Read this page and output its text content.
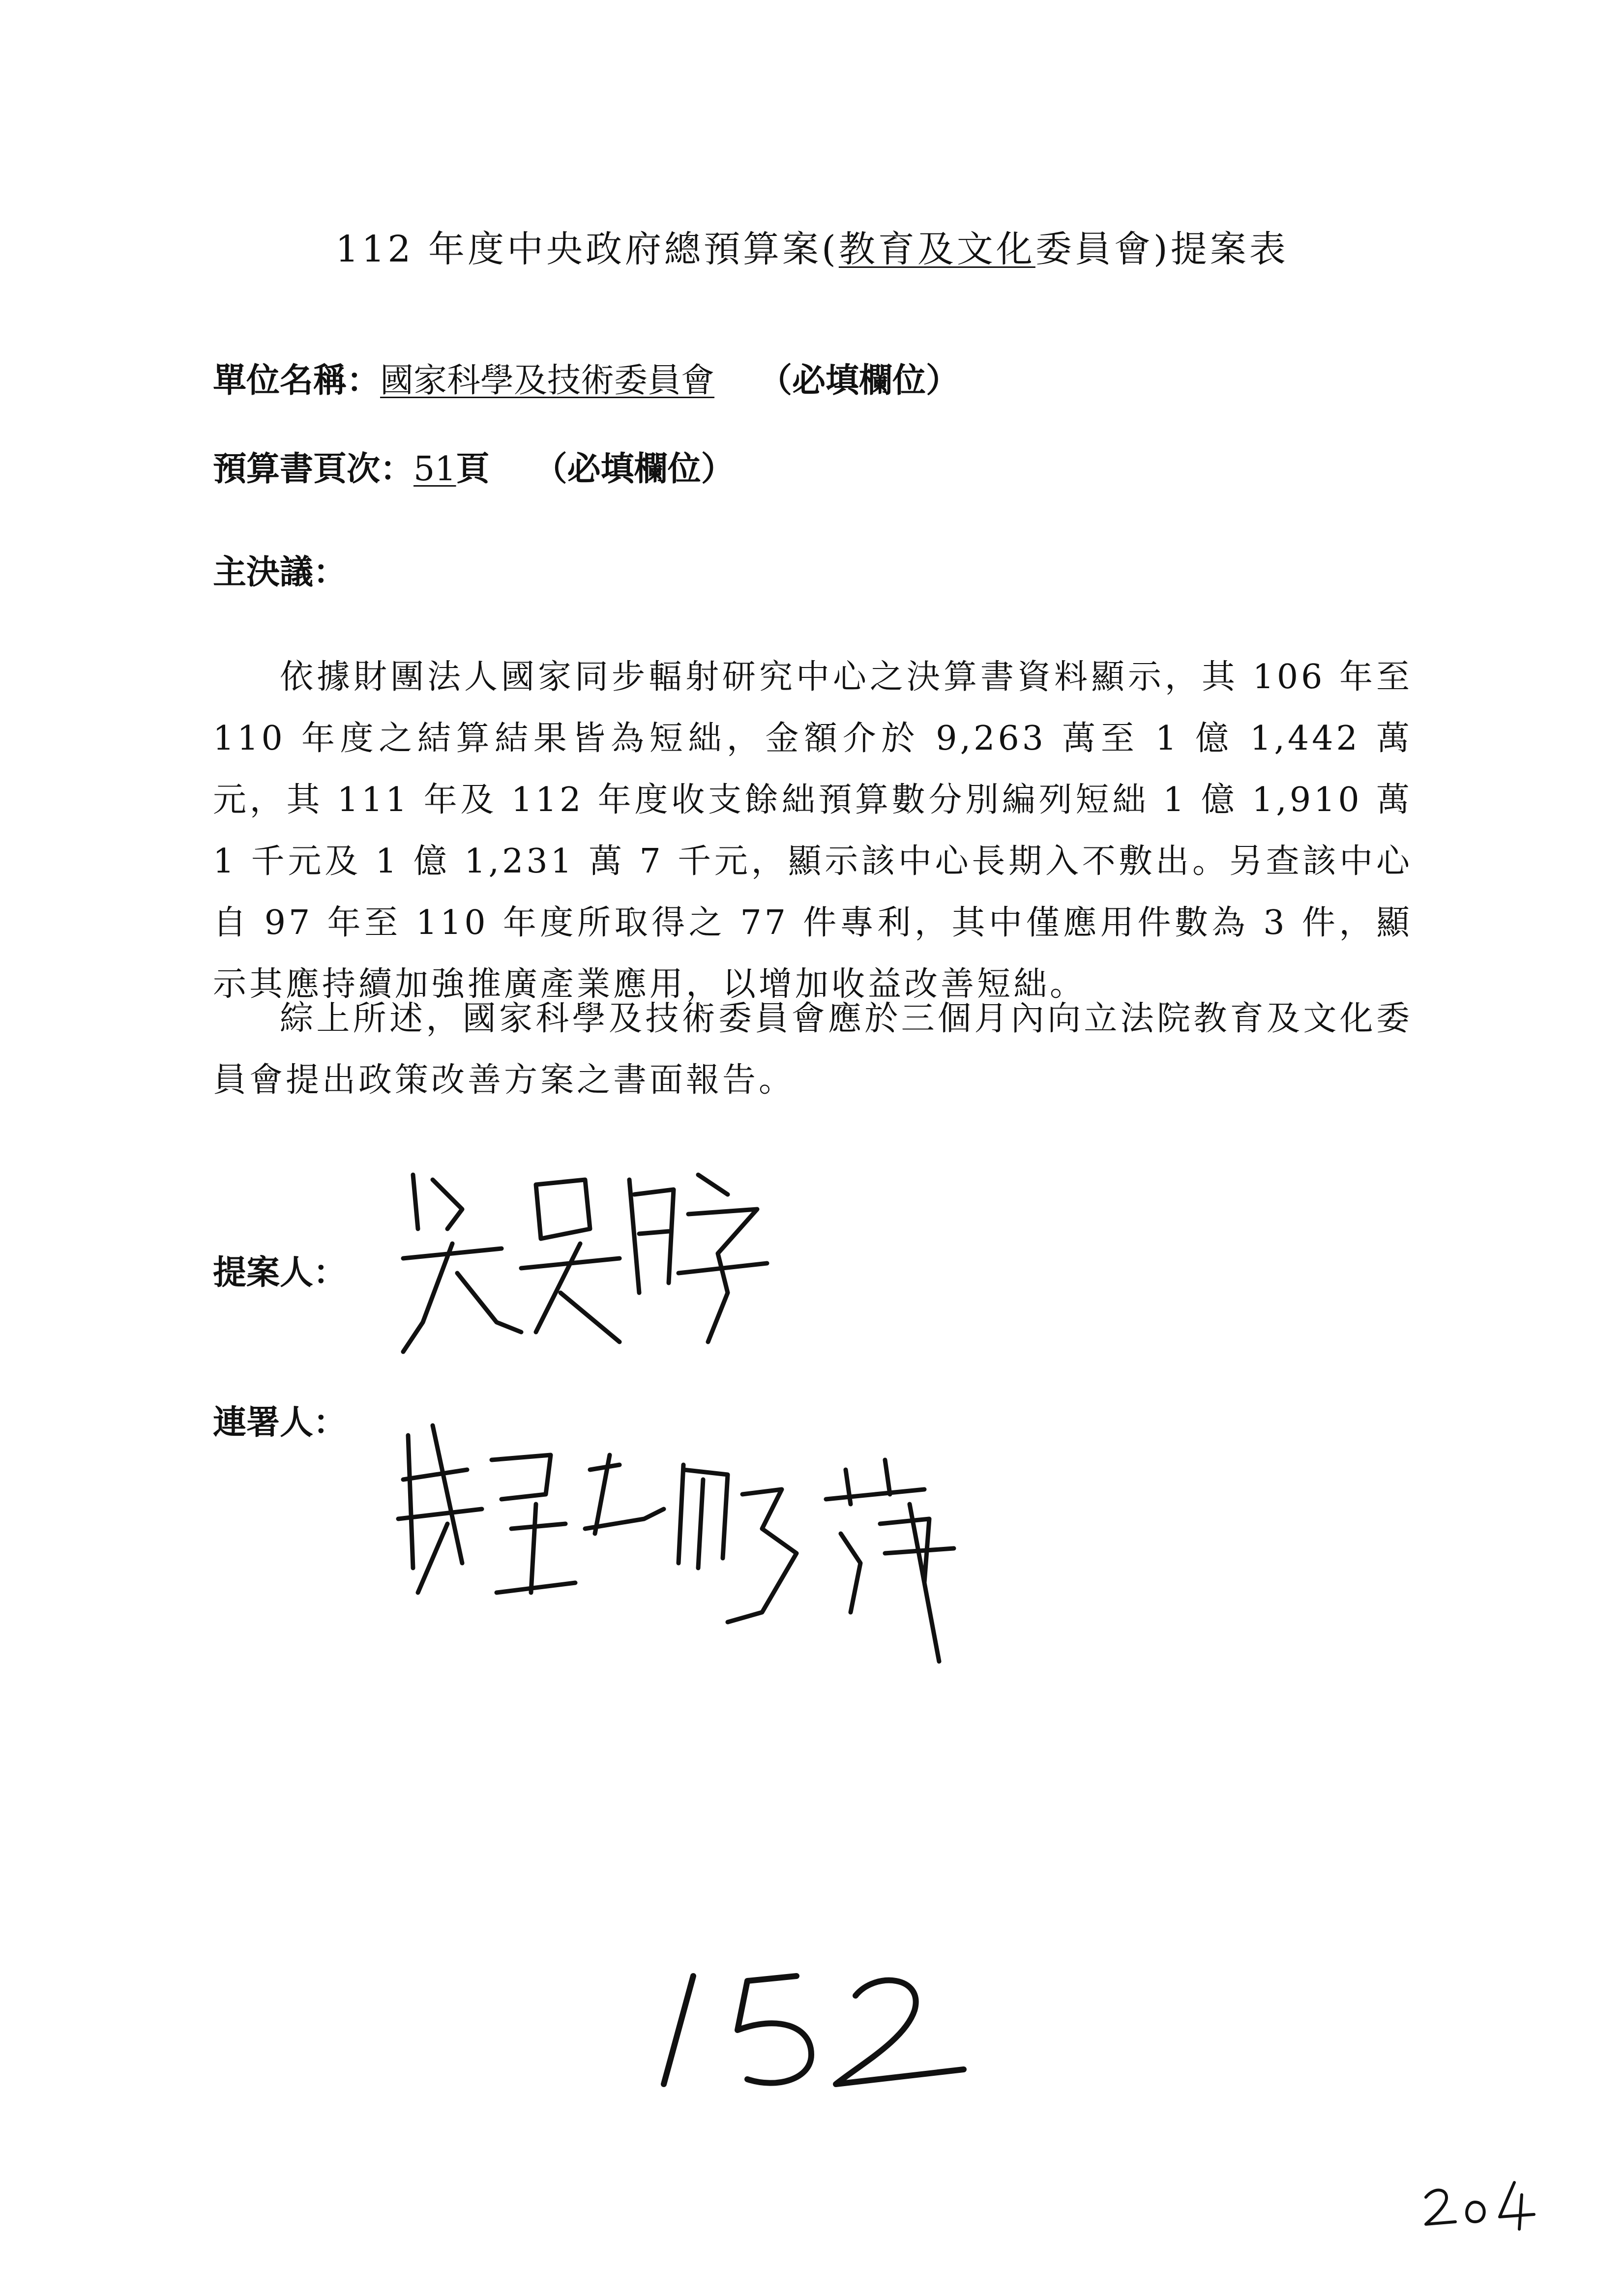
112 年度中央政府總預算案(教育及文化委員會)提案表
單位名稱：國家科學及技術委員會 （必填欄位）
預算書頁次：51頁 （必填欄位）
主決議：
依據財團法人國家同步輻射研究中心之決算書資料顯示，其 106 年至 110 年度之結算結果皆為短絀，金額介於 9,263 萬至 1 億 1,442 萬元，其 111 年及 112 年度收支餘絀預算數分別編列短絀 1 億 1,910 萬 1 千元及 1 億 1,231 萬 7 千元，顯示該中心長期入不敷出。另查該中心自 97 年至 110 年度所取得之 77 件專利，其中僅應用件數為 3 件，顯示其應持續加強推廣產業應用，以增加收益改善短絀。
綜上所述，國家科學及技術委員會應於三個月內向立法院教育及文化委員會提出政策改善方案之書面報告。
提案人：
連署人：
